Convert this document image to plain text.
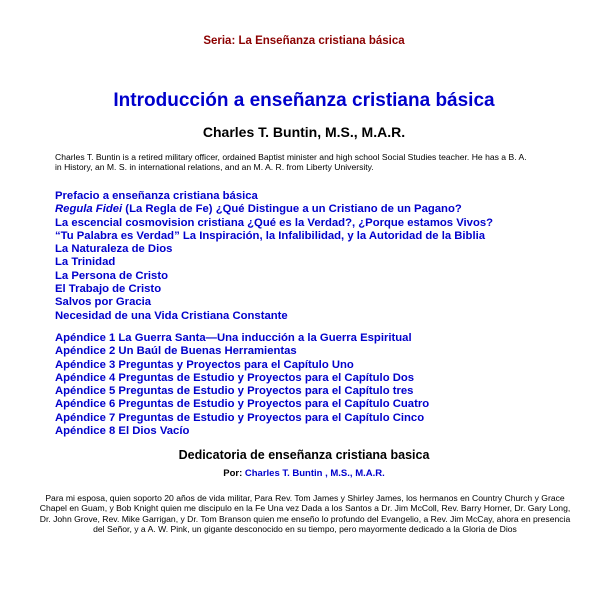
Seria: La Enseñanza cristiana básica
Introducción a enseñanza cristiana básica
Charles T. Buntin, M.S., M.A.R.
Charles T. Buntin is a retired military officer, ordained Baptist minister and high school Social Studies teacher. He has a B. A. in History, an M. S. in international relations, and an M. A. R. from Liberty University.
Prefacio a enseñanza cristiana básica
Regula Fidei (La Regla de Fe) ¿Qué Distingue a un Cristiano de un Pagano?
La escencial cosmovision cristiana ¿Qué es la Verdad?, ¿Porque estamos Vivos?
“Tu Palabra es Verdad” La Inspiración, la Infalibilidad, y la Autoridad de la Biblia
La Naturaleza de Dios
La Trinidad
La Persona de Cristo
El Trabajo de Cristo
Salvos por Gracia
Necesidad de una Vida Cristiana Constante
Apéndice 1 La Guerra Santa—Una inducción a la Guerra Espiritual
Apéndice 2 Un Baúl de Buenas Herramientas
Apéndice 3 Preguntas y Proyectos para el Capítulo Uno
Apéndice 4 Preguntas de Estudio y Proyectos para el Capítulo Dos
Apéndice 5 Preguntas de Estudio y Proyectos para el Capítulo tres
Apéndice 6 Preguntas de Estudio y Proyectos para el Capítulo Cuatro
Apéndice 7 Preguntas de Estudio y Proyectos para el Capítulo Cinco
Apéndice 8 El Dios Vacío
Dedicatoria de enseñanza cristiana basica
Por: Charles T. Buntin , M.S., M.A.R.
Para mi esposa, quien soporto 20 años de vida militar, Para Rev. Tom James y Shirley James, los hermanos en Country Church y Grace Chapel en Guam, y Bob Knight quien me discipulo en la Fe Una vez Dada a los Santos a Dr. Jim McColl, Rev. Barry Horner, Dr. Gary Long, Dr. John Grove, Rev. Mike Garrigan, y Dr. Tom Branson quien me enseño lo profundo del Evangelio, a Rev. Jim McCay, ahora en presencia del Señor, y a A. W. Pink, un gigante desconocido en su tiempo, pero mayormente dedicado a la Gloria de Dios
